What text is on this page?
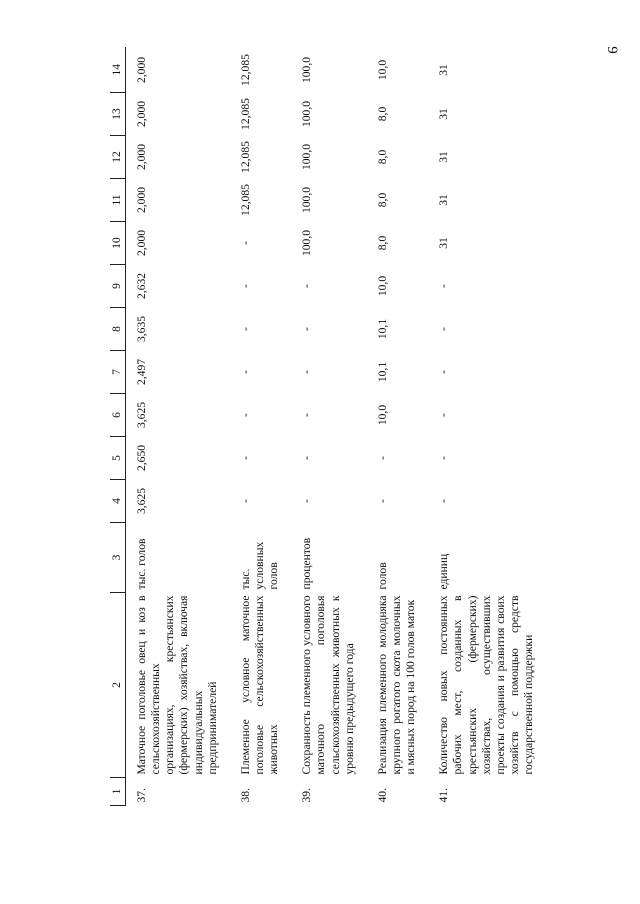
9
1	2	3	4	5	6	7	8	9	10	11	12	13	14
37.	Маточное поголовье овец и коз в сельскохозяйственных организациях, крестьянских (фермерских) хозяйствах, включая индивидуальных предпринимателей	тыс. голов	3,625	2,650	3,625	2,497	3,635	2,632	2,000	2,000	2,000	2,000	2,000
38.	Племенное условное маточное поголовье сельскохозяйственных животных	тыс. условных голов	-	-	-	-	-	-	-	12,085	12,085	12,085	12,085
39.	Сохранность племенного условного маточного поголовья сельскохозяйственных животных к уровню предыдущего года	процентов	-	-	-	-	-	-	100,0	100,0	100,0	100,0	100,0
40.	Реализация племенного молодняка крупного рогатого скота молочных и мясных пород на 100 голов маток	голов	-	-	10,0	10,1	10,1	10,0	8,0	8,0	8,0	8,0	10,0
41.	Количество новых постоянных рабочих мест, созданных в крестьянских (фермерских) хозяйствах, осуществивших проекты создания и развития своих хозяйств с помощью средств государственной поддержки	единиц	-	-	-	-	-	-	31	31	31	31	31
